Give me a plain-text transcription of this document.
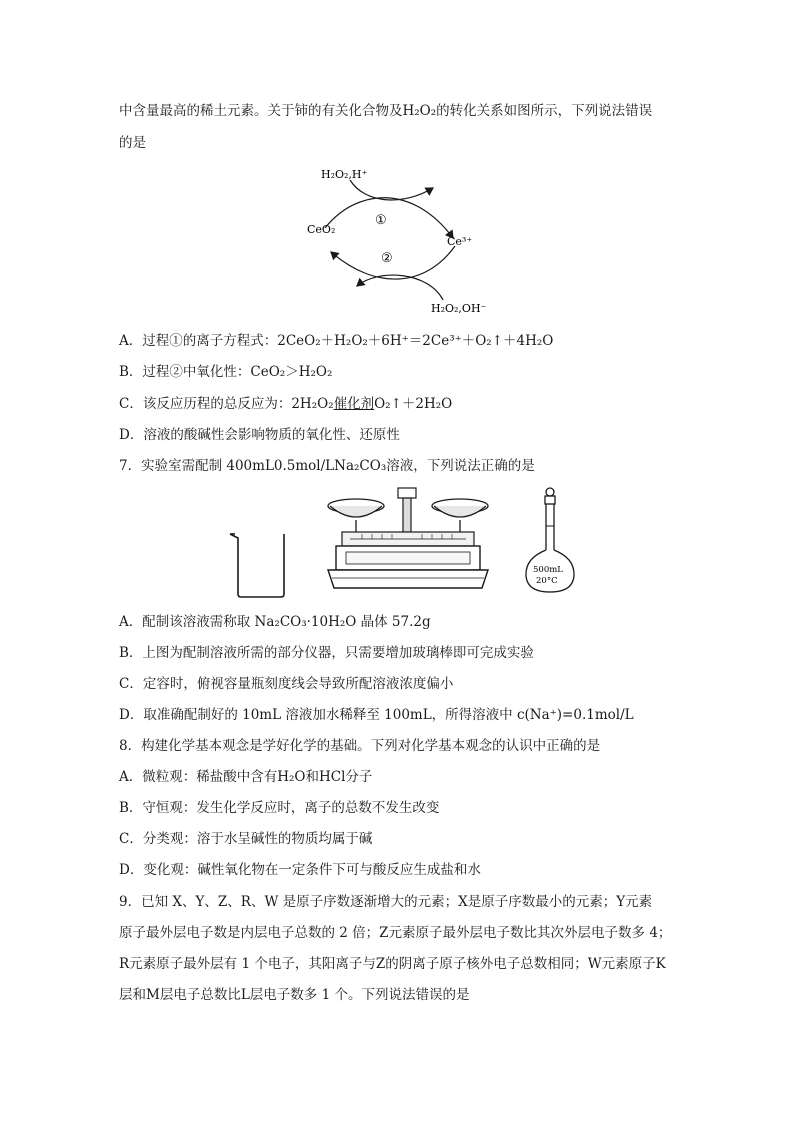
中含量最高的稀土元素。关于铈的有关化合物及H₂O₂的转化关系如图所示，下列说法错误
的是
H₂O₂,H⁺
H₂O₂,OH⁻
CeO₂
Ce³⁺
①
②
A．过程①的离子方程式：2CeO₂＋H₂O₂＋6H⁺＝2Ce³⁺＋O₂↑＋4H₂O
B．过程②中氧化性：CeO₂＞H₂O₂
C．该反应历程的总反应为：2H₂O₂催化剂O₂↑＋2H₂O
D．溶液的酸碱性会影响物质的氧化性、还原性
7．实验室需配制 400mL0.5mol/LNa₂CO₃溶液，下列说法正确的是
500mL
20°C
A．配制该溶液需称取 Na₂CO₃·10H₂O 晶体 57.2g
B．上图为配制溶液所需的部分仪器，只需要增加玻璃棒即可完成实验
C．定容时，俯视容量瓶刻度线会导致所配溶液浓度偏小
D．取准确配制好的 10mL 溶液加水稀释至 100mL，所得溶液中 c(Na⁺)=0.1mol/L
8．构建化学基本观念是学好化学的基础。下列对化学基本观念的认识中正确的是
A．微粒观：稀盐酸中含有H₂O和HCl分子
B．守恒观：发生化学反应时，离子的总数不发生改变
C．分类观：溶于水呈碱性的物质均属于碱
D．变化观：碱性氧化物在一定条件下可与酸反应生成盐和水
9．已知 X、Y、Z、R、W 是原子序数逐渐增大的元素；X是原子序数最小的元素；Y元素
原子最外层电子数是内层电子总数的 2 倍；Z元素原子最外层电子数比其次外层电子数多 4；
R元素原子最外层有 1 个电子，其阳离子与Z的阴离子原子核外电子总数相同；W元素原子K
层和M层电子总数比L层电子数多 1 个。下列说法错误的是
